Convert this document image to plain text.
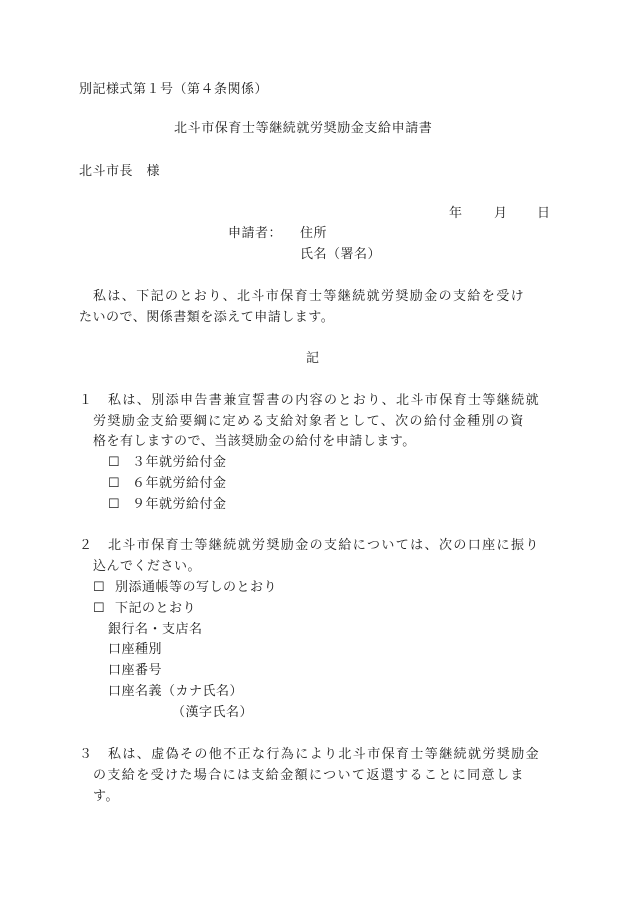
別記様式第１号（第４条関係）
北斗市保育士等継続就労奨励金支給申請書
北斗市長　様
年 月 日
申請者： 住所
氏名（署名）
私は、下記のとおり、北斗市保育士等継続就労奨励金の支給を受け
たいので、関係書類を添えて申請します。
記
１ 私は、別添申告書兼宣誓書の内容のとおり、北斗市保育士等継続就
労奨励金支給要綱に定める支給対象者として、次の給付金種別の資
格を有しますので、当該奨励金の給付を申請します。
☐ ３年就労給付金
☐ ６年就労給付金
☐ ９年就労給付金
２ 北斗市保育士等継続就労奨励金の支給については、次の口座に振り
込んでください。
☐ 別添通帳等の写しのとおり
☐ 下記のとおり
銀行名・支店名
口座種別
口座番号
口座名義（カナ氏名）
（漢字氏名）
３ 私は、虚偽その他不正な行為により北斗市保育士等継続就労奨励金
の支給を受けた場合には支給金額について返還することに同意しま
す。
